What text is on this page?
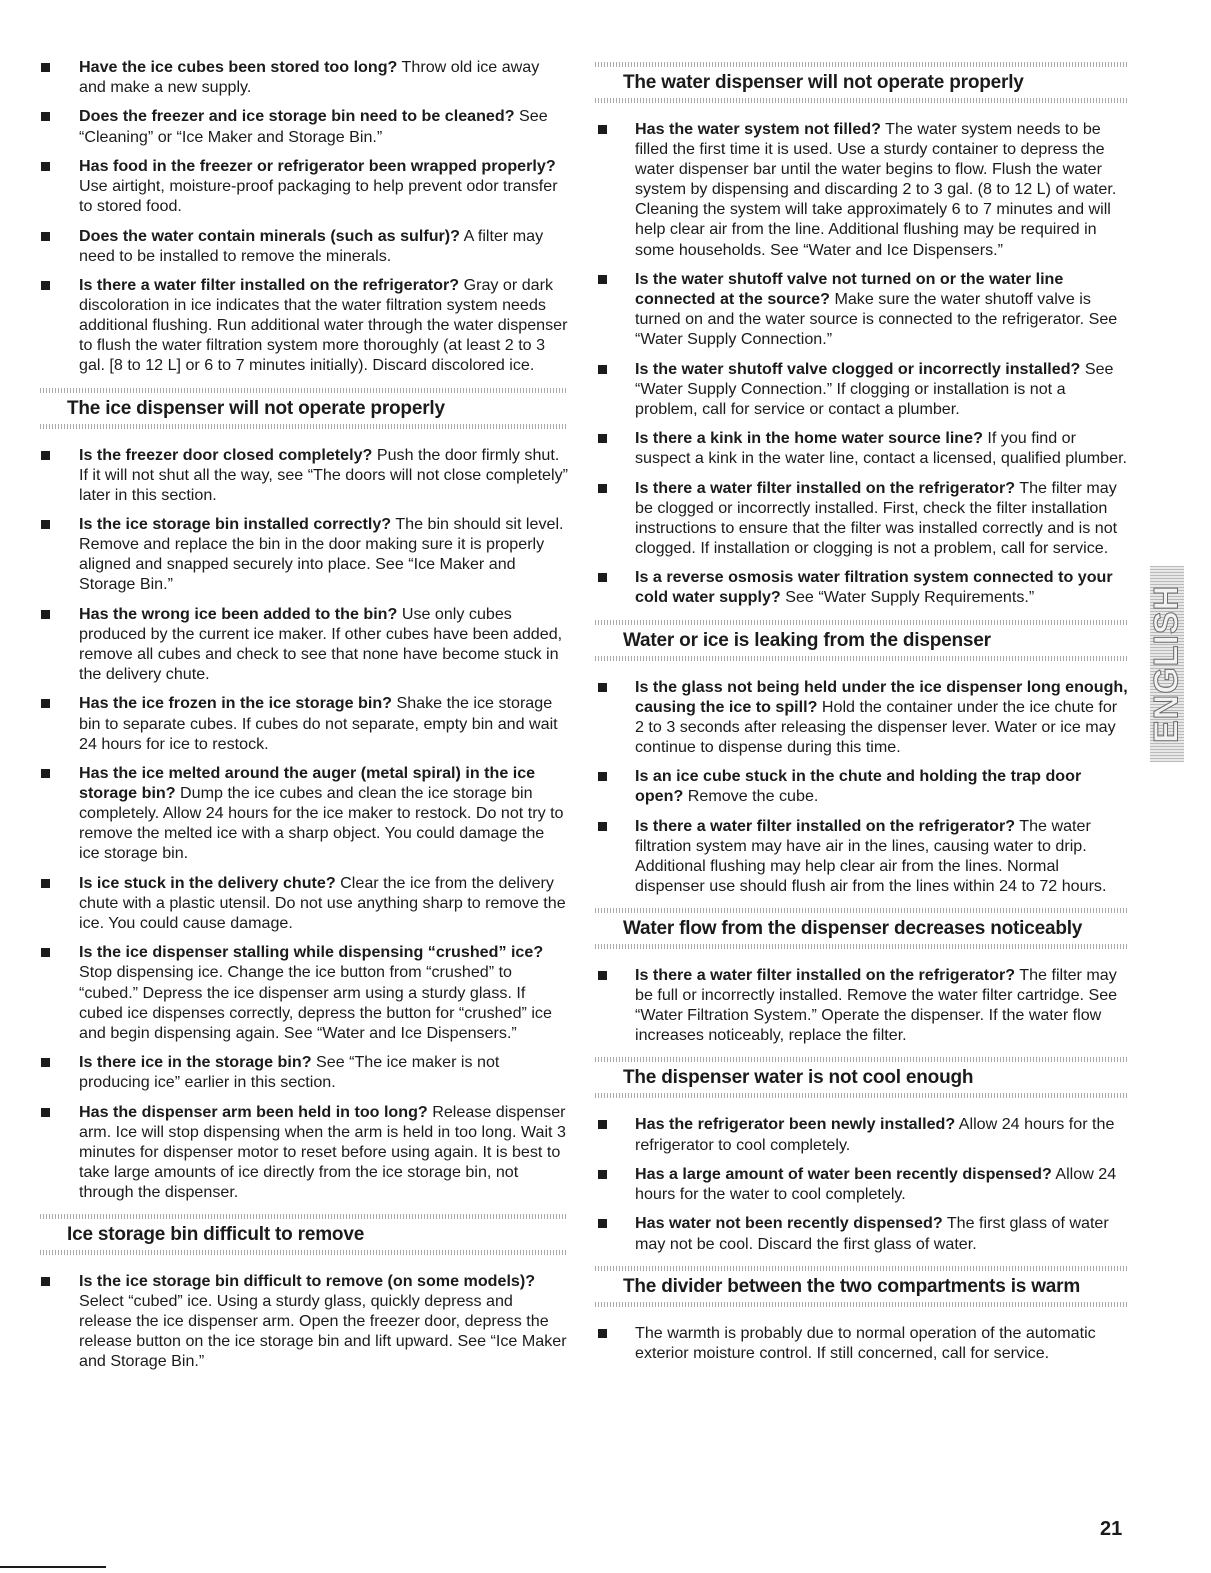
Have the ice cubes been stored too long? Throw old ice away and make a new supply.
Does the freezer and ice storage bin need to be cleaned? See “Cleaning” or “Ice Maker and Storage Bin.”
Has food in the freezer or refrigerator been wrapped properly? Use airtight, moisture-proof packaging to help prevent odor transfer to stored food.
Does the water contain minerals (such as sulfur)? A filter may need to be installed to remove the minerals.
Is there a water filter installed on the refrigerator? Gray or dark discoloration in ice indicates that the water filtration system needs additional flushing. Run additional water through the water dispenser to flush the water filtration system more thoroughly (at least 2 to 3 gal. [8 to 12 L] or 6 to 7 minutes initially). Discard discolored ice.
The ice dispenser will not operate properly
Is the freezer door closed completely? Push the door firmly shut. If it will not shut all the way, see “The doors will not close completely” later in this section.
Is the ice storage bin installed correctly? The bin should sit level. Remove and replace the bin in the door making sure it is properly aligned and snapped securely into place. See “Ice Maker and Storage Bin.”
Has the wrong ice been added to the bin? Use only cubes produced by the current ice maker. If other cubes have been added, remove all cubes and check to see that none have become stuck in the delivery chute.
Has the ice frozen in the ice storage bin? Shake the ice storage bin to separate cubes. If cubes do not separate, empty bin and wait 24 hours for ice to restock.
Has the ice melted around the auger (metal spiral) in the ice storage bin? Dump the ice cubes and clean the ice storage bin completely. Allow 24 hours for the ice maker to restock. Do not try to remove the melted ice with a sharp object. You could damage the ice storage bin.
Is ice stuck in the delivery chute? Clear the ice from the delivery chute with a plastic utensil. Do not use anything sharp to remove the ice. You could cause damage.
Is the ice dispenser stalling while dispensing “crushed” ice? Stop dispensing ice. Change the ice button from “crushed” to “cubed.” Depress the ice dispenser arm using a sturdy glass. If cubed ice dispenses correctly, depress the button for “crushed” ice and begin dispensing again. See “Water and Ice Dispensers.”
Is there ice in the storage bin? See “The ice maker is not producing ice” earlier in this section.
Has the dispenser arm been held in too long? Release dispenser arm. Ice will stop dispensing when the arm is held in too long. Wait 3 minutes for dispenser motor to reset before using again. It is best to take large amounts of ice directly from the ice storage bin, not through the dispenser.
Ice storage bin difficult to remove
Is the ice storage bin difficult to remove (on some models)? Select “cubed” ice. Using a sturdy glass, quickly depress and release the ice dispenser arm. Open the freezer door, depress the release button on the ice storage bin and lift upward. See “Ice Maker and Storage Bin.”
The water dispenser will not operate properly
Has the water system not filled? The water system needs to be filled the first time it is used. Use a sturdy container to depress the water dispenser bar until the water begins to flow. Flush the water system by dispensing and discarding 2 to 3 gal. (8 to 12 L) of water. Cleaning the system will take approximately 6 to 7 minutes and will help clear air from the line. Additional flushing may be required in some households. See “Water and Ice Dispensers.”
Is the water shutoff valve not turned on or the water line connected at the source? Make sure the water shutoff valve is turned on and the water source is connected to the refrigerator. See “Water Supply Connection.”
Is the water shutoff valve clogged or incorrectly installed? See “Water Supply Connection.” If clogging or installation is not a problem, call for service or contact a plumber.
Is there a kink in the home water source line? If you find or suspect a kink in the water line, contact a licensed, qualified plumber.
Is there a water filter installed on the refrigerator? The filter may be clogged or incorrectly installed. First, check the filter installation instructions to ensure that the filter was installed correctly and is not clogged. If installation or clogging is not a problem, call for service.
Is a reverse osmosis water filtration system connected to your cold water supply? See “Water Supply Requirements.”
Water or ice is leaking from the dispenser
Is the glass not being held under the ice dispenser long enough, causing the ice to spill? Hold the container under the ice chute for 2 to 3 seconds after releasing the dispenser lever. Water or ice may continue to dispense during this time.
Is an ice cube stuck in the chute and holding the trap door open? Remove the cube.
Is there a water filter installed on the refrigerator? The water filtration system may have air in the lines, causing water to drip. Additional flushing may help clear air from the lines. Normal dispenser use should flush air from the lines within 24 to 72 hours.
Water flow from the dispenser decreases noticeably
Is there a water filter installed on the refrigerator? The filter may be full or incorrectly installed. Remove the water filter cartridge. See “Water Filtration System.” Operate the dispenser. If the water flow increases noticeably, replace the filter.
The dispenser water is not cool enough
Has the refrigerator been newly installed? Allow 24 hours for the refrigerator to cool completely.
Has a large amount of water been recently dispensed? Allow 24 hours for the water to cool completely.
Has water not been recently dispensed? The first glass of water may not be cool. Discard the first glass of water.
The divider between the two compartments is warm
The warmth is probably due to normal operation of the automatic exterior moisture control. If still concerned, call for service.
ENGLISH
21
